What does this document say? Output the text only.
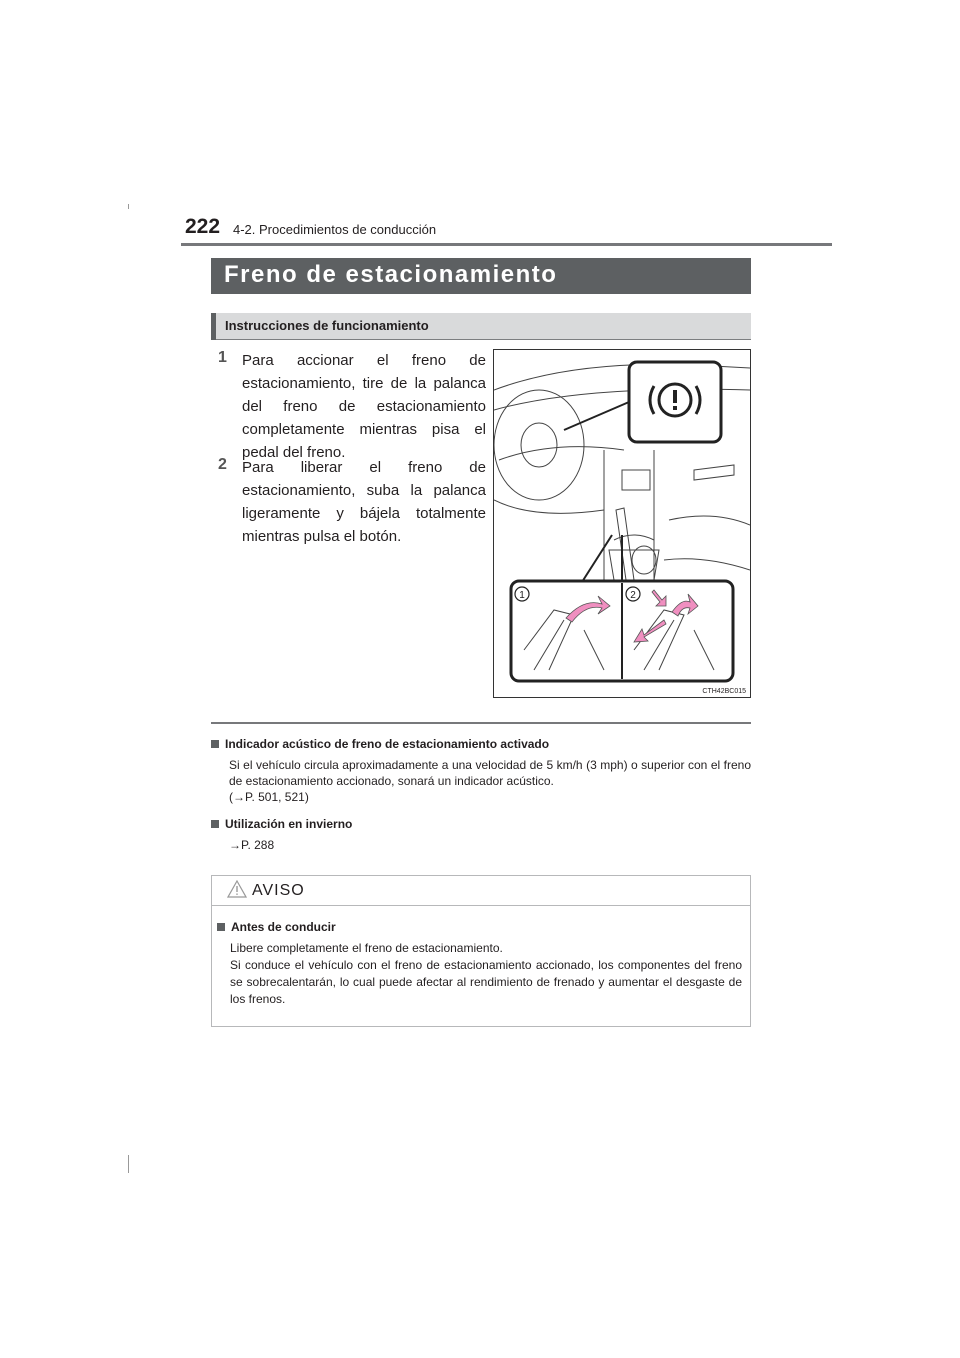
222 4-2. Procedimientos de conducción
Freno de estacionamiento
Instrucciones de funcionamiento
1	Para accionar el freno de estacionamiento, tire de la palanca del freno de estacionamiento completamente mientras pisa el pedal del freno.
2	Para liberar el freno de estacionamiento, suba la palanca ligeramente y bájela totalmente mientras pulsa el botón.
1	2
CTH42BC015
Indicador acústico de freno de estacionamiento activado
Si el vehículo circula aproximadamente a una velocidad de 5 km/h (3 mph) o superior con el freno de estacionamiento accionado, sonará un indicador acústico.
(→P. 501, 521)
Utilización en invierno
→P. 288
AVISO
Antes de conducir
Libere completamente el freno de estacionamiento.
Si conduce el vehículo con el freno de estacionamiento accionado, los componentes del freno se sobrecalentarán, lo cual puede afectar al rendimiento de frenado y aumentar el desgaste de los frenos.
